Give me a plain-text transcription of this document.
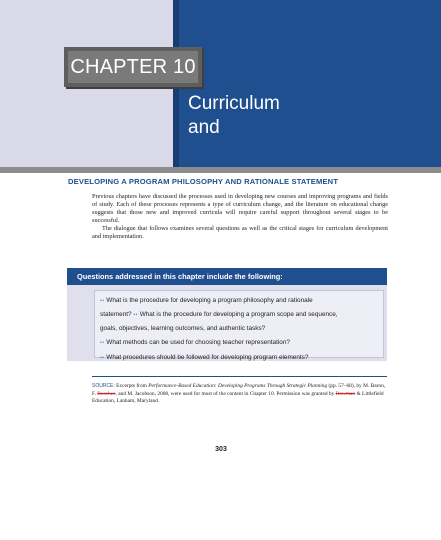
CHAPTER 10
Curriculum
and
DEVELOPING A PROGRAM PHILOSOPHY AND RATIONALE STATEMENT

Previous chapters have discussed the processes used in developing new courses and improving programs and fields of study. Each of these processes represents a type of curriculum change, and the literature on educational change suggests that those new and improved curricula will require careful support throughout several stages to be successful.

The dialogue that follows examines several questions as well as the critical stages for curriculum development and implementation.

Questions addressed in this chapter include the following:
•• What is the procedure for developing a program philosophy and rationale
statement? •• What is the procedure for developing a program scope and sequence,
goals, objectives, learning outcomes, and authentic tasks?
•• What methods can be used for choosing teacher representation?
•• What procedures should be followed for developing program elements?
SOURCE: Excerpts from Performance-Based Education: Developing Programs Through Strategic Planning (pp. 57–68), by M. Baron, F. Boschee, and M. Jacobson, 2008, were used for most of the content in Chapter 10. Permission was granted by Rowman & Littlefield Education, Lanham, Maryland.
303
